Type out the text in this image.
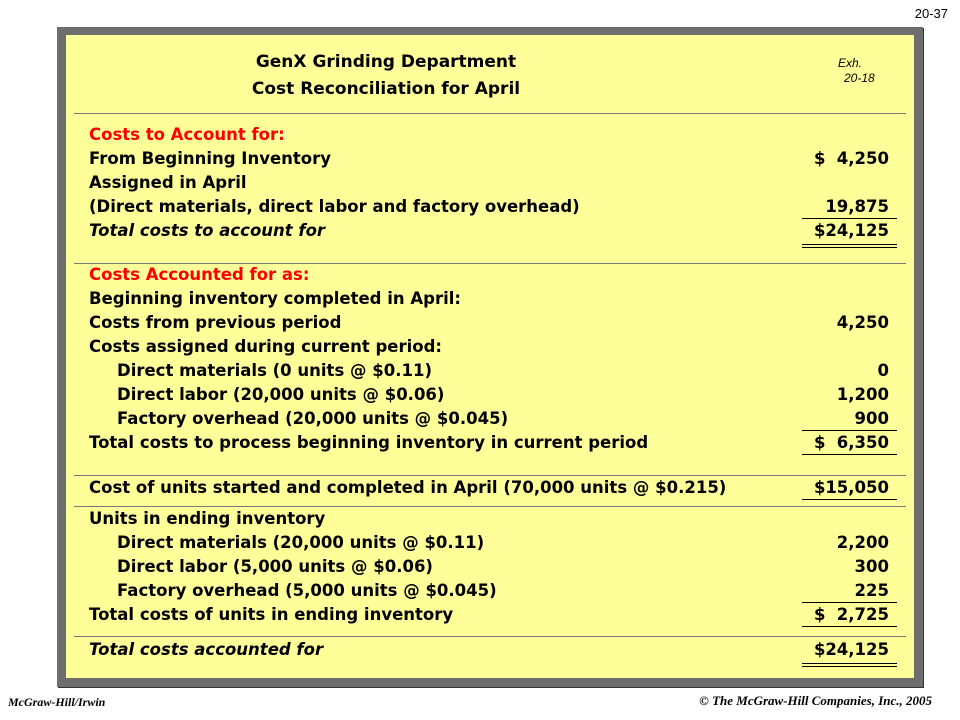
20-37
GenX Grinding Department
Cost Reconciliation for April
Exh.
20-18
Costs to Account for:
From Beginning Inventory	$ 4,250
Assigned in April
(Direct materials, direct labor and factory overhead)	19,875
Total costs to account for	$ 24,125
Costs Accounted for as:
Beginning inventory completed in April:
Costs from previous period	4,250
Costs assigned during current period:
Direct materials (0 units @ $0.11)	0
Direct labor (20,000 units @ $0.06)	1,200
Factory overhead (20,000 units @ $0.045)	900
Total costs to process beginning inventory in current period	$ 6,350
Cost of units started and completed in April (70,000 units @ $0.215)	$ 15,050
Units in ending inventory
Direct materials (20,000 units @ $0.11)	2,200
Direct labor (5,000 units @ $0.06)	300
Factory overhead (5,000 units @ $0.045)	225
Total costs of units in ending inventory	$ 2,725
Total costs accounted for	$ 24,125
McGraw-Hill/Irwin	© The McGraw-Hill Companies, Inc., 2005
